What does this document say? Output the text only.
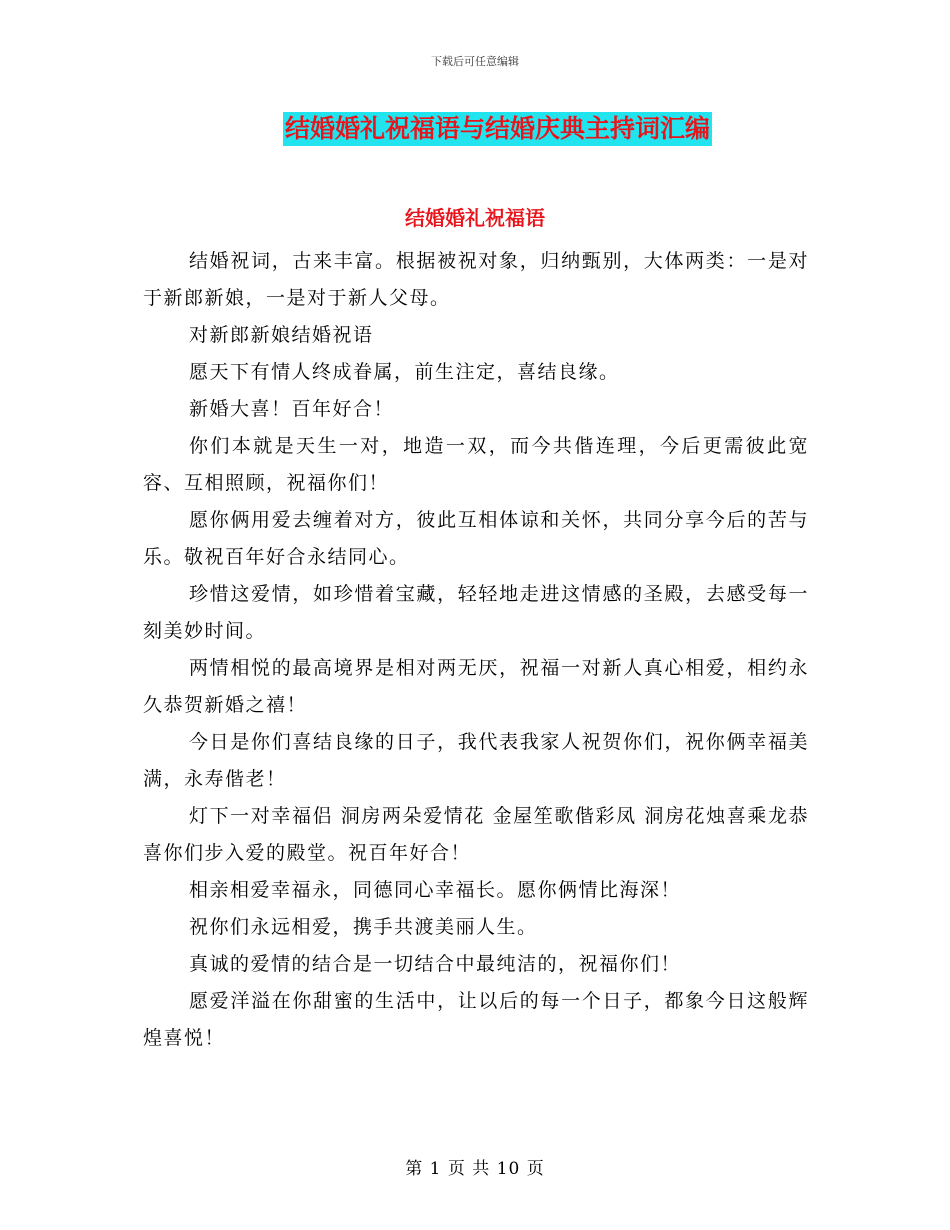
下载后可任意编辑
结婚婚礼祝福语与结婚庆典主持词汇编
结婚婚礼祝福语

结婚祝词，古来丰富。根据被祝对象，归纳甄别，大体两类：一是对于新郎新娘，一是对于新人父母。

对新郎新娘结婚祝语

愿天下有情人终成眷属，前生注定，喜结良缘。

新婚大喜！百年好合！

你们本就是天生一对，地造一双，而今共偕连理，今后更需彼此宽容、互相照顾，祝福你们！

愿你俩用爱去缠着对方，彼此互相体谅和关怀，共同分享今后的苦与乐。敬祝百年好合永结同心。

珍惜这爱情，如珍惜着宝藏，轻轻地走进这情感的圣殿，去感受每一刻美妙时间。

两情相悦的最高境界是相对两无厌，祝福一对新人真心相爱，相约永久恭贺新婚之禧！

今日是你们喜结良缘的日子，我代表我家人祝贺你们，祝你俩幸福美满，永寿偕老！

灯下一对幸福侣 洞房两朵爱情花 金屋笙歌偕彩凤 洞房花烛喜乘龙恭喜你们步入爱的殿堂。祝百年好合！

相亲相爱幸福永，同德同心幸福长。愿你俩情比海深！

祝你们永远相爱，携手共渡美丽人生。

真诚的爱情的结合是一切结合中最纯洁的，祝福你们！

愿爱洋溢在你甜蜜的生活中，让以后的每一个日子，都象今日这般辉煌喜悦！

第 1 页 共 10 页
